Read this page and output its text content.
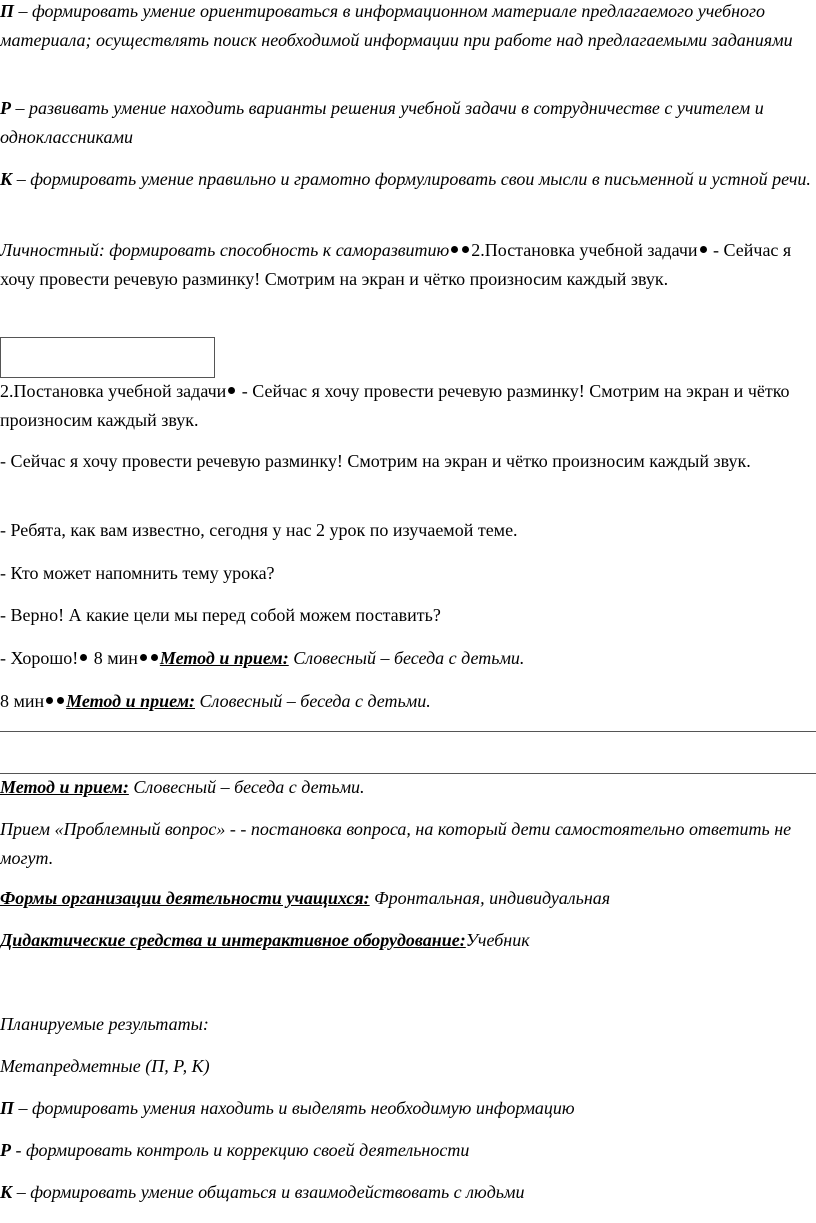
П – формировать умение ориентироваться в информационном материале предлагаемого учебного материала; осуществлять поиск необходимой информации при работе над предлагаемыми заданиями

Р – развивать умение находить варианты решения учебной задачи в сотрудничестве с учителем и одноклассниками

К – формировать умение правильно и грамотно формулировать свои мысли в письменной и устной речи.

Личностный: формировать способность к саморазвитию 2.Постановка учебной задачи - Сейчас я хочу провести речевую разминку! Смотрим на экран и чётко произносим каждый звук.

2.Постановка учебной задачи - Сейчас я хочу провести речевую разминку! Смотрим на экран и чётко произносим каждый звук.

- Сейчас я хочу провести речевую разминку! Смотрим на экран и чётко произносим каждый звук.

- Ребята, как вам известно, сегодня у нас 2 урок по изучаемой теме.

- Кто может напомнить тему урока?

- Верно! А какие цели мы перед собой можем поставить?

- Хорошо! 8 мин Метод и прием: Словесный – беседа с детьми.

8 мин Метод и прием: Словесный – беседа с детьми.

Метод и прием: Словесный – беседа с детьми.

Прием «Проблемный вопрос» - - постановка вопроса, на который дети самостоятельно ответить не могут.

Формы организации деятельности учащихся: Фронтальная, индивидуальная

Дидактические средства и интерактивное оборудование:Учебник

Планируемые результаты:

Метапредметные (П, Р, К)

П – формировать умения находить и выделять необходимую информацию

Р - формировать контроль и коррекцию своей деятельности

К – формировать умение общаться и взаимодействовать с людьми
